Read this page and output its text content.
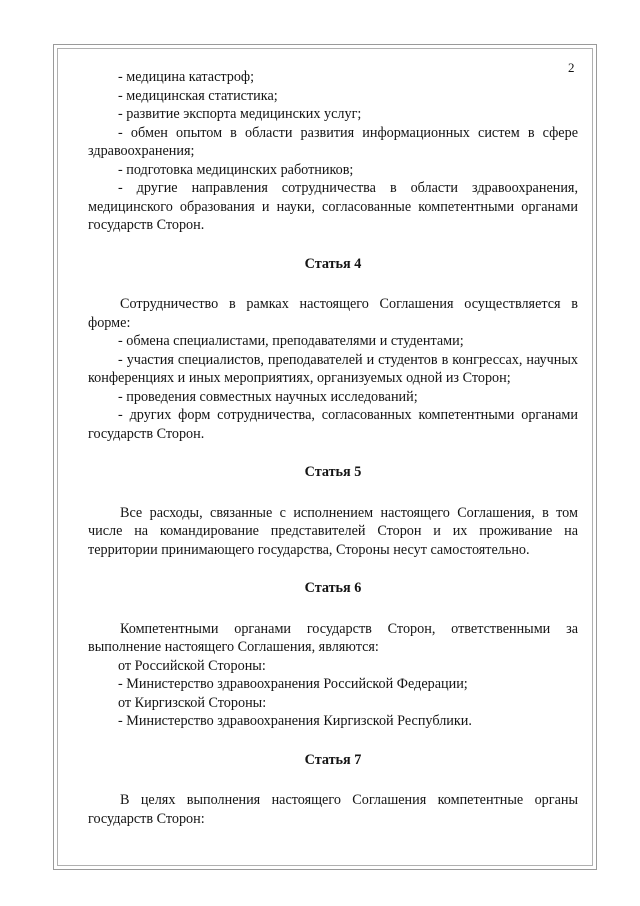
2

- медицина катастроф;

- медицинская статистика;

- развитие экспорта медицинских услуг;

- обмен опытом в области развития информационных систем в сфере здравоохранения;

- подготовка медицинских работников;

- другие направления сотрудничества в области здравоохранения, медицинского образования и науки, согласованные компетентными органами государств Сторон.

Статья 4

Сотрудничество в рамках настоящего Соглашения осуществляется в форме:

- обмена специалистами, преподавателями и студентами;

- участия специалистов, преподавателей и студентов в конгрессах, научных конференциях и иных мероприятиях, организуемых одной из Сторон;

- проведения совместных научных исследований;

- других форм сотрудничества, согласованных компетентными органами государств Сторон.

Статья 5

Все расходы, связанные с исполнением настоящего Соглашения, в том числе на командирование представителей Сторон и их проживание на территории принимающего государства, Стороны несут самостоятельно.

Статья 6

Компетентными органами государств Сторон, ответственными за выполнение настоящего Соглашения, являются:

от Российской Стороны:

- Министерство здравоохранения Российской Федерации;

от Киргизской Стороны:

- Министерство здравоохранения Киргизской Республики.

Статья 7

В целях выполнения настоящего Соглашения компетентные органы государств Сторон:
